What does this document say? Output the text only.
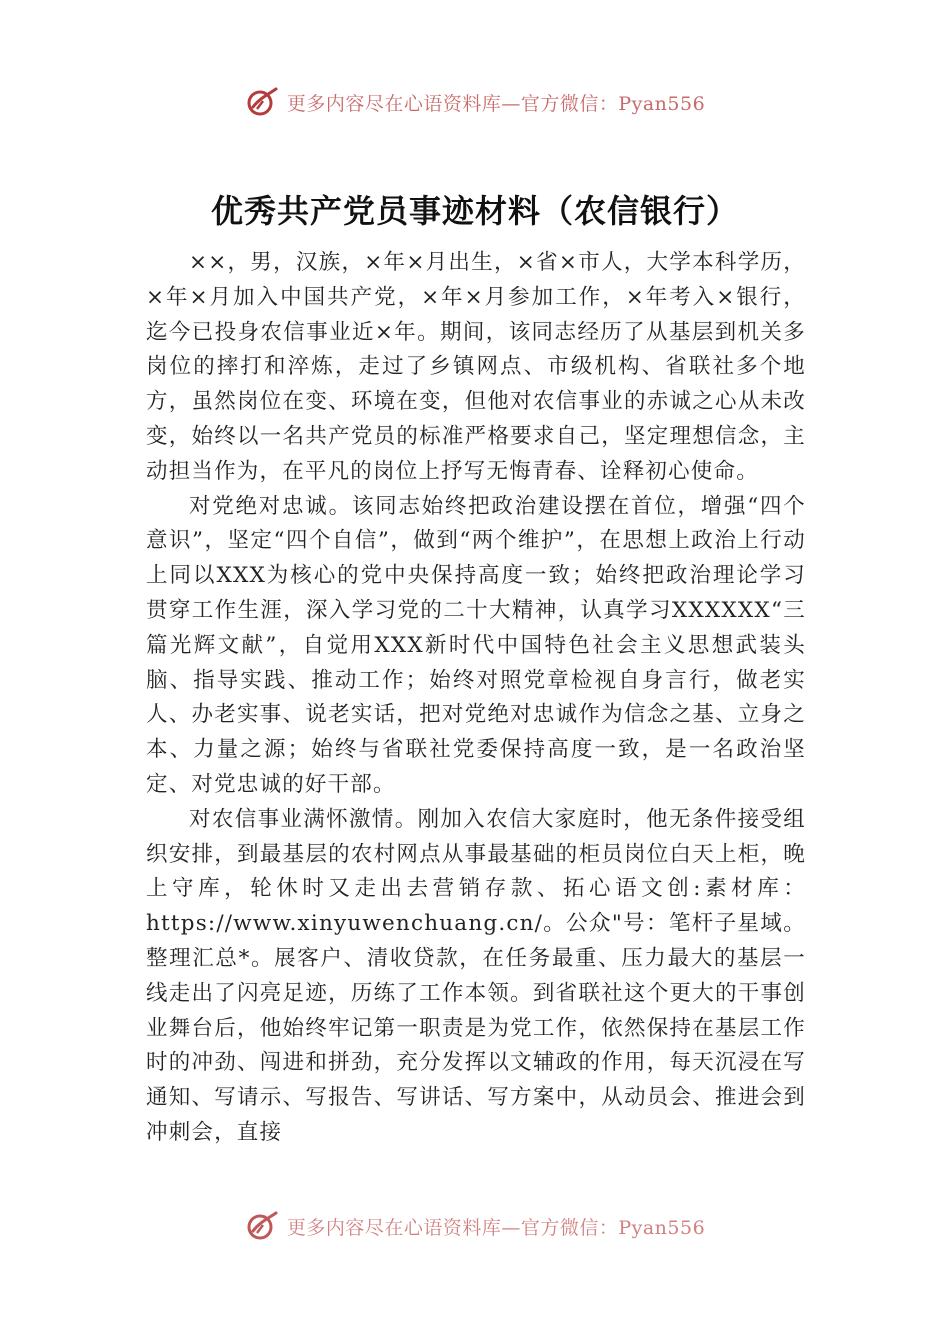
更多内容尽在心语资料库—官方微信：Pyan556
优秀共产党员事迹材料（农信银行）

××，男，汉族，×年×月出生，×省×市人，大学本科学历，×年×月加入中国共产党，×年×月参加工作，×年考入×银行，迄今已投身农信事业近×年。期间，该同志经历了从基层到机关多岗位的摔打和淬炼，走过了乡镇网点、市级机构、省联社多个地方，虽然岗位在变、环境在变，但他对农信事业的赤诚之心从未改变，始终以一名共产党员的标准严格要求自己，坚定理想信念，主动担当作为，在平凡的岗位上抒写无悔青春、诠释初心使命。

对党绝对忠诚。该同志始终把政治建设摆在首位，增强“四个意识”，坚定“四个自信”，做到“两个维护”，在思想上政治上行动上同以XXX为核心的党中央保持高度一致；始终把政治理论学习贯穿工作生涯，深入学习党的二十大精神，认真学习XXXXXX“三篇光辉文献”，自觉用XXX新时代中国特色社会主义思想武装头脑、指导实践、推动工作；始终对照党章检视自身言行，做老实人、办老实事、说老实话，把对党绝对忠诚作为信念之基、立身之本、力量之源；始终与省联社党委保持高度一致，是一名政治坚定、对党忠诚的好干部。

对农信事业满怀激情。刚加入农信大家庭时，他无条件接受组织安排，到最基层的农村网点从事最基础的柜员岗位白天上柜，晚上守库，轮休时又走出去营销存款、拓心语文创:素材库：https://www.xinyuwenchuang.cn/。公众"号：笔杆子星域。整理汇总*。展客户、清收贷款，在任务最重、压力最大的基层一线走出了闪亮足迹，历练了工作本领。到省联社这个更大的干事创业舞台后，他始终牢记第一职责是为党工作，依然保持在基层工作时的冲劲、闯进和拼劲，充分发挥以文辅政的作用，每天沉浸在写通知、写请示、写报告、写讲话、写方案中，从动员会、推进会到冲刺会，直接

更多内容尽在心语资料库—官方微信：Pyan556
